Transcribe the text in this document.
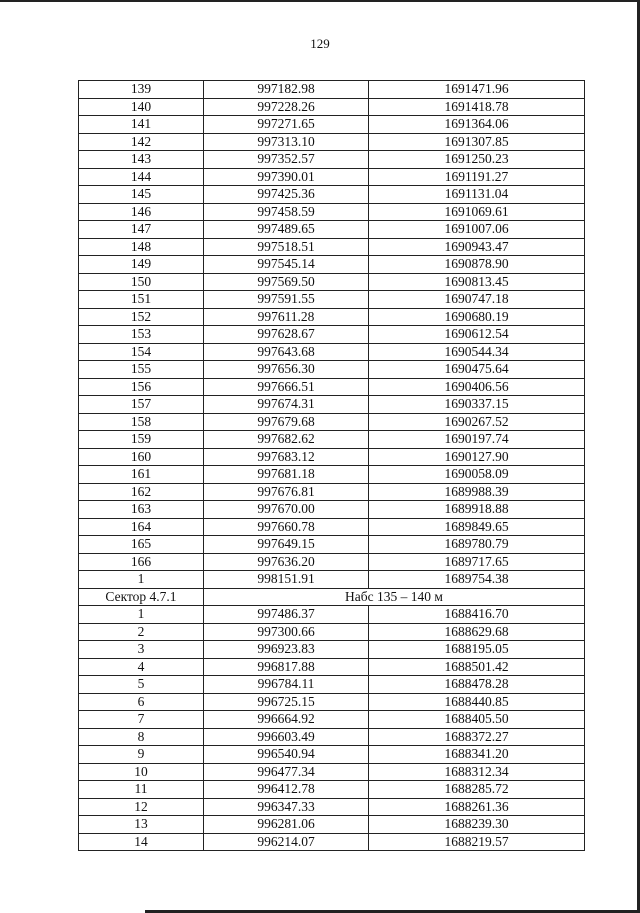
129
139	997182.98	1691471.96
140	997228.26	1691418.78
141	997271.65	1691364.06
142	997313.10	1691307.85
143	997352.57	1691250.23
144	997390.01	1691191.27
145	997425.36	1691131.04
146	997458.59	1691069.61
147	997489.65	1691007.06
148	997518.51	1690943.47
149	997545.14	1690878.90
150	997569.50	1690813.45
151	997591.55	1690747.18
152	997611.28	1690680.19
153	997628.67	1690612.54
154	997643.68	1690544.34
155	997656.30	1690475.64
156	997666.51	1690406.56
157	997674.31	1690337.15
158	997679.68	1690267.52
159	997682.62	1690197.74
160	997683.12	1690127.90
161	997681.18	1690058.09
162	997676.81	1689988.39
163	997670.00	1689918.88
164	997660.78	1689849.65
165	997649.15	1689780.79
166	997636.20	1689717.65
1	998151.91	1689754.38
Сектор 4.7.1	Набс 135 – 140 м	
1	997486.37	1688416.70
2	997300.66	1688629.68
3	996923.83	1688195.05
4	996817.88	1688501.42
5	996784.11	1688478.28
6	996725.15	1688440.85
7	996664.92	1688405.50
8	996603.49	1688372.27
9	996540.94	1688341.20
10	996477.34	1688312.34
11	996412.78	1688285.72
12	996347.33	1688261.36
13	996281.06	1688239.30
14	996214.07	1688219.57
